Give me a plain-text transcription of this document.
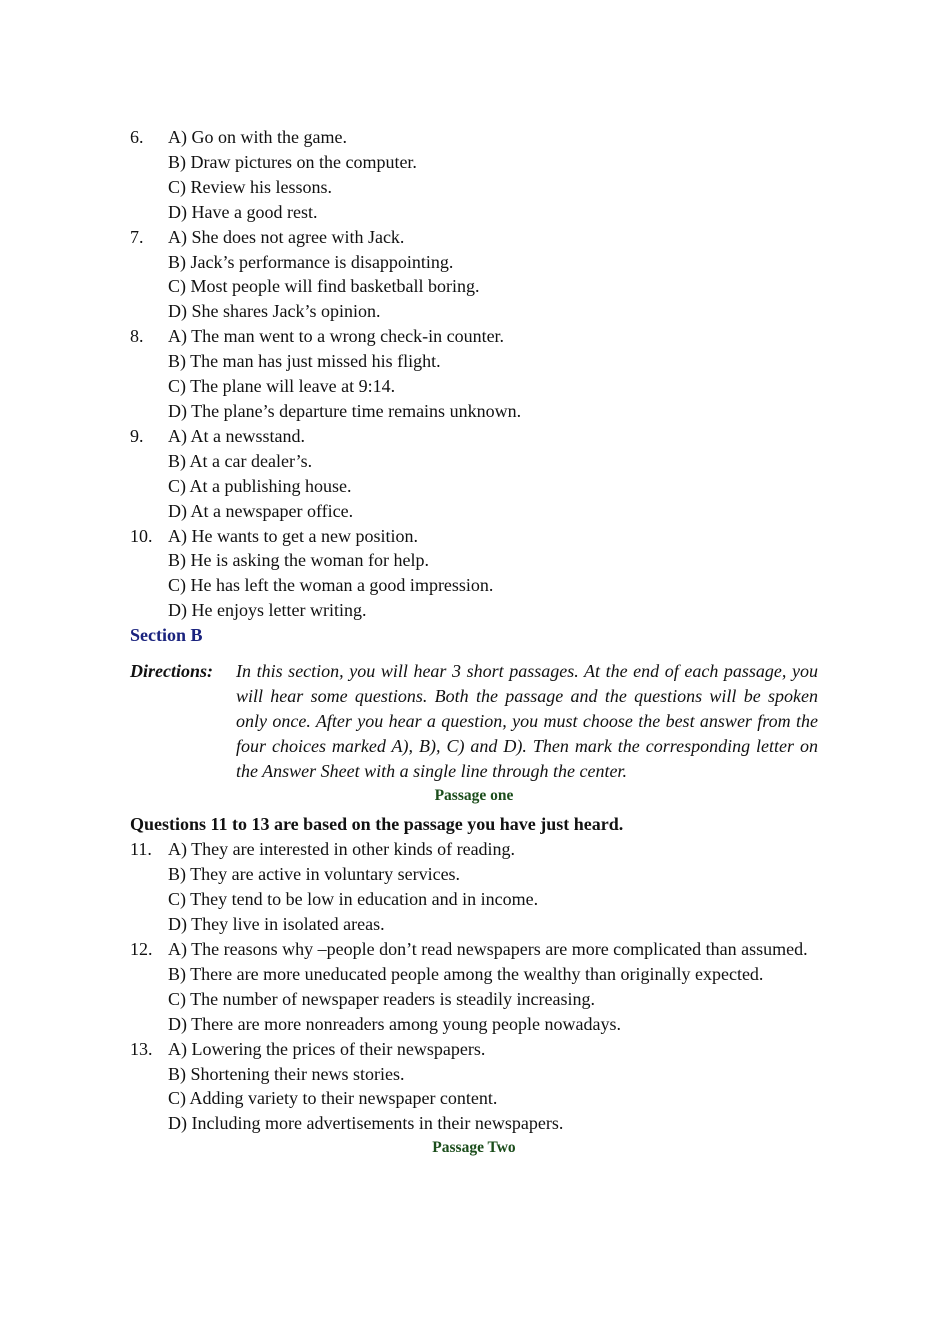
6.	A) Go on with the game.
B) Draw pictures on the computer.
C) Review his lessons.
D) Have a good rest.
7.	A) She does not agree with Jack.
B) Jack’s performance is disappointing.
C) Most people will find basketball boring.
D) She shares Jack’s opinion.
8.	A) The man went to a wrong check-in counter.
B) The man has just missed his flight.
C) The plane will leave at 9:14.
D) The plane’s departure time remains unknown.
9.	A) At a newsstand.
B) At a car dealer’s.
C) At a publishing house.
D) At a newspaper office.
10. A) He wants to get a new position.
B) He is asking the woman for help.
C) He has left the woman a good impression.
D) He enjoys letter writing.
Section B
Directions:	In this section, you will hear 3 short passages. At the end of each passage, you will hear some questions. Both the passage and the questions will be spoken only once. After you hear a question, you must choose the best answer from the four choices marked A), B), C) and D). Then mark the corresponding letter on the Answer Sheet with a single line through the center.
Passage one
Questions 11 to 13 are based on the passage you have just heard.
11. A) They are interested in other kinds of reading.
B) They are active in voluntary services.
C) They tend to be low in education and in income.
D) They live in isolated areas.
12. A) The reasons why –people don’t read newspapers are more complicated than assumed.
B) There are more uneducated people among the wealthy than originally expected.
C) The number of newspaper readers is steadily increasing.
D) There are more nonreaders among young people nowadays.
13. A) Lowering the prices of their newspapers.
B) Shortening their news stories.
C) Adding variety to their newspaper content.
D) Including more advertisements in their newspapers.
Passage Two
